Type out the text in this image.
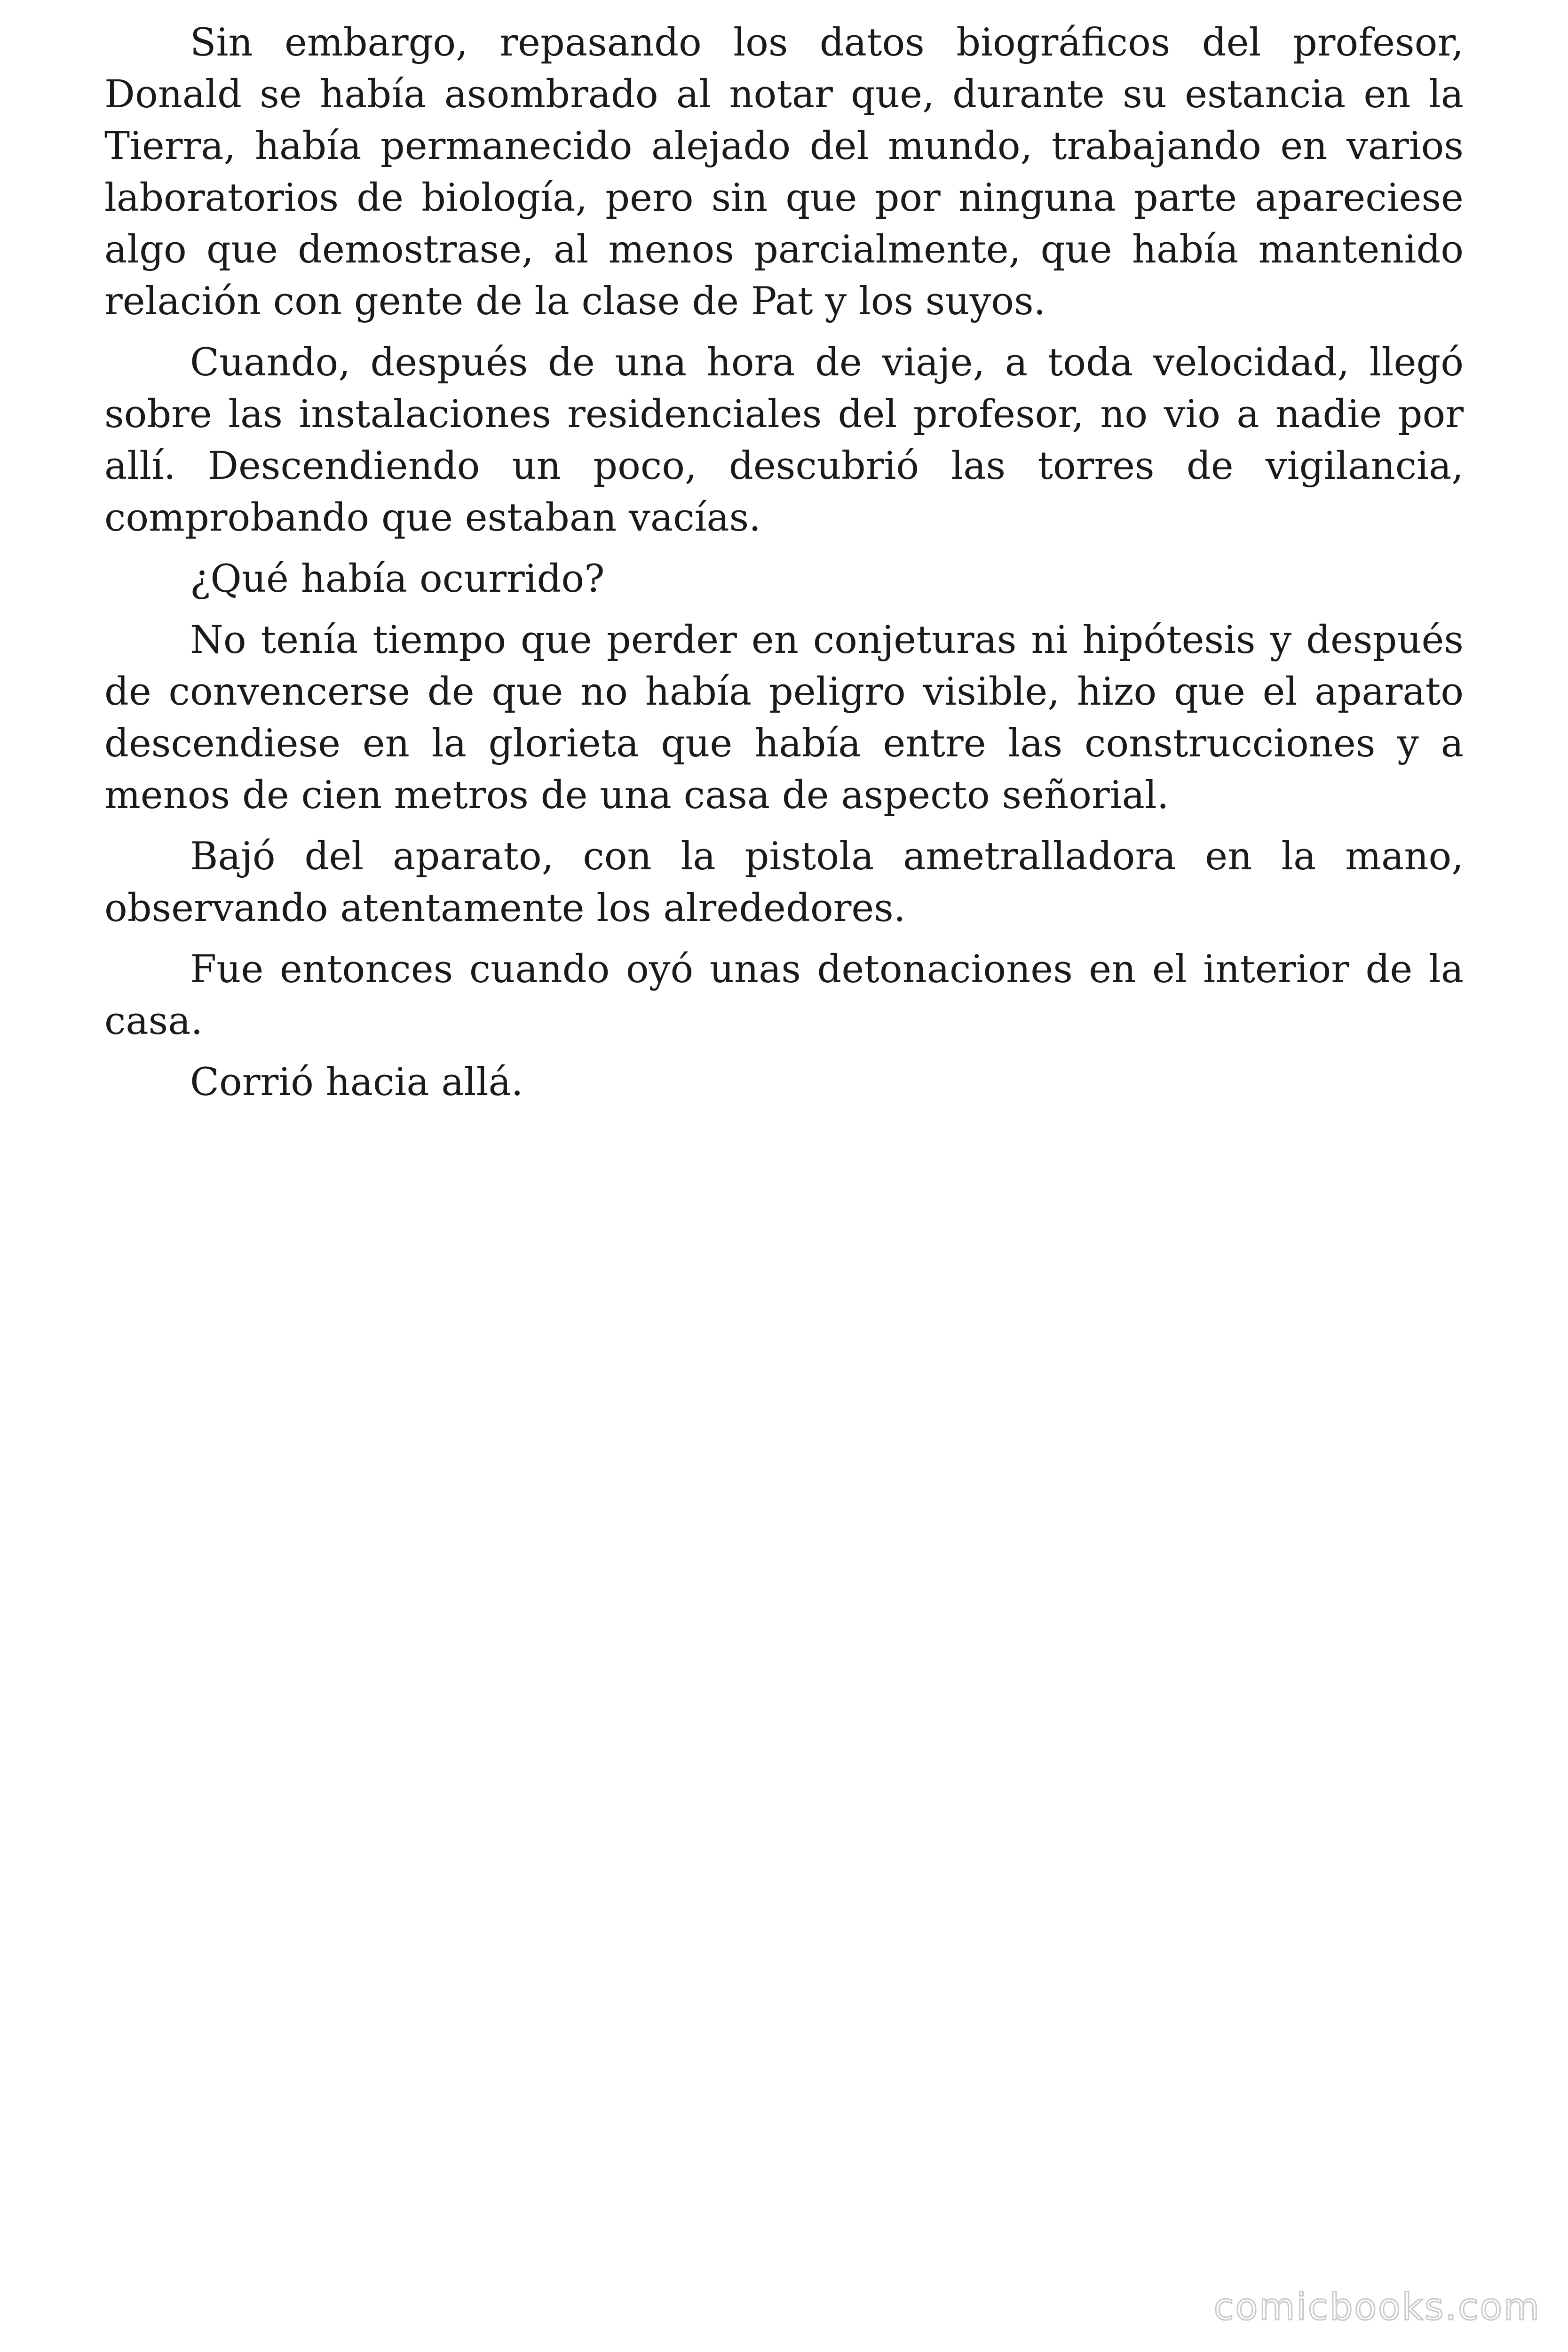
Sin embargo, repasando los datos biográficos del profesor, Donald se había asombrado al notar que, durante su estancia en la Tierra, había permanecido alejado del mundo, trabajando en varios laboratorios de biología, pero sin que por ninguna parte apareciese algo que demostrase, al menos parcialmente, que había mantenido relación con gente de la clase de Pat y los suyos.

Cuando, después de una hora de viaje, a toda velocidad, llegó sobre las instalaciones residenciales del profesor, no vio a nadie por allí. Descendiendo un poco, descubrió las torres de vigilancia, comprobando que estaban vacías.

¿Qué había ocurrido?

No tenía tiempo que perder en conjeturas ni hipótesis y después de convencerse de que no había peligro visible, hizo que el aparato descendiese en la glorieta que había entre las construcciones y a menos de cien metros de una casa de aspecto señorial.

Bajó del aparato, con la pistola ametralladora en la mano, observando atentamente los alrededores.

Fue entonces cuando oyó unas detonaciones en el interior de la casa.

Corrió hacia allá.

comicbooks.com
